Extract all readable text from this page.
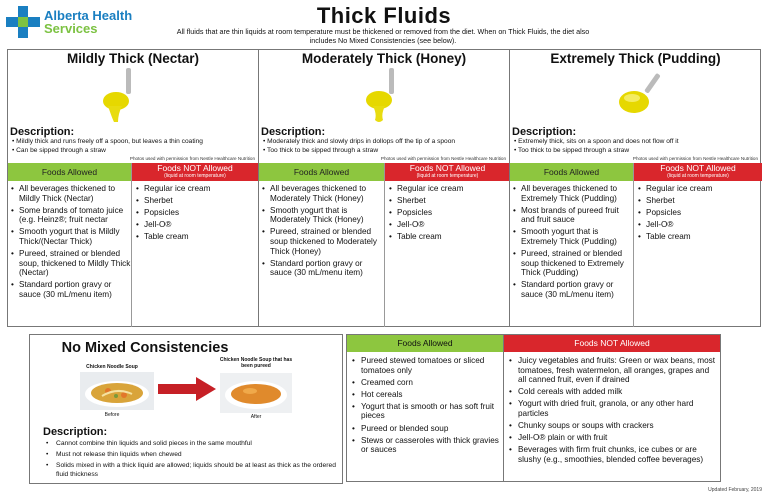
Alberta Health
Services
Thick Fluids
All fluids that are thin liquids at room temperature must be thickened or removed from the diet. When on Thick Fluids, the diet also includes No Mixed Consistencies (see below).
Mildly Thick (Nectar)
Description:
• Mildly thick and runs freely off a spoon, but leaves a thin coating
• Can be sipped through a straw
Photos used with permission from Nestle Healthcare Nutrition
Foods Allowed	Foods NOT Allowed
(liquid at room temperature)
• All beverages thickened to Mildly Thick (Nectar)
• Some brands of tomato juice (e.g. Heinz®; fruit nectar
• Smooth yogurt that is Mildly Thick/(Nectar Thick)
• Pureed, strained or blended soup, thickened to Mildly Thick (Nectar)
• Standard portion gravy or sauce (30 mL/menu item)
• Regular ice cream
• Sherbet
• Popsicles
• Jell-O®
• Table cream
Moderately Thick (Honey)
Description:
• Moderately thick and slowly drips in dollops off the tip of a spoon
• Too thick to be sipped through a straw
Photos used with permission from Nestle Healthcare Nutrition
Foods Allowed	Foods NOT Allowed
(liquid at room temperature)
• All beverages thickened to Moderately Thick (Honey)
• Smooth yogurt that is Moderately Thick (Honey)
• Pureed, strained or blended soup thickened to Moderately Thick (Honey)
• Standard portion gravy or sauce (30 mL/menu item)
• Regular ice cream
• Sherbet
• Popsicles
• Jell-O®
• Table cream
Extremely Thick (Pudding)
Description:
• Extremely thick, sits on a spoon and does not flow off it
• Too thick to be sipped through a straw
Photos used with permission from Nestle Healthcare Nutrition
Foods Allowed	Foods NOT Allowed
(liquid at room temperature)
• All beverages thickened to Extremely Thick (Pudding)
• Most brands of pureed fruit and fruit sauce
• Smooth yogurt that is Extremely Thick (Pudding)
• Pureed, strained or blended soup thickened to Extremely Thick (Pudding)
• Standard portion gravy or sauce (30 mL/menu item)
• Regular ice cream
• Sherbet
• Popsicles
• Jell-O®
• Table cream
No Mixed Consistencies
Chicken Noodle Soup
Chicken Noodle Soup that has been pureed
Before	After
Description:
• Cannot combine thin liquids and solid pieces in the same mouthful
• Must not release thin liquids when chewed
• Solids mixed in with a thick liquid are allowed; liquids should be at least as thick as the ordered fluid thickness
Foods Allowed
• Pureed stewed tomatoes or sliced tomatoes only
• Creamed corn
• Hot cereals
• Yogurt that is smooth or has soft fruit pieces
• Pureed or blended soup
• Stews or casseroles with thick gravies or sauces
Foods NOT Allowed
• Juicy vegetables and fruits: Green or wax beans, most tomatoes, fresh watermelon, all oranges, grapes and all canned fruit, even if drained
• Cold cereals with added milk
• Yogurt with dried fruit, granola, or any other hard particles
• Chunky soups or soups with crackers
• Jell-O® plain or with fruit
• Beverages with firm fruit chunks, ice cubes or are slushy (e.g., smoothies, blended coffee beverages)
Updated February, 2019
